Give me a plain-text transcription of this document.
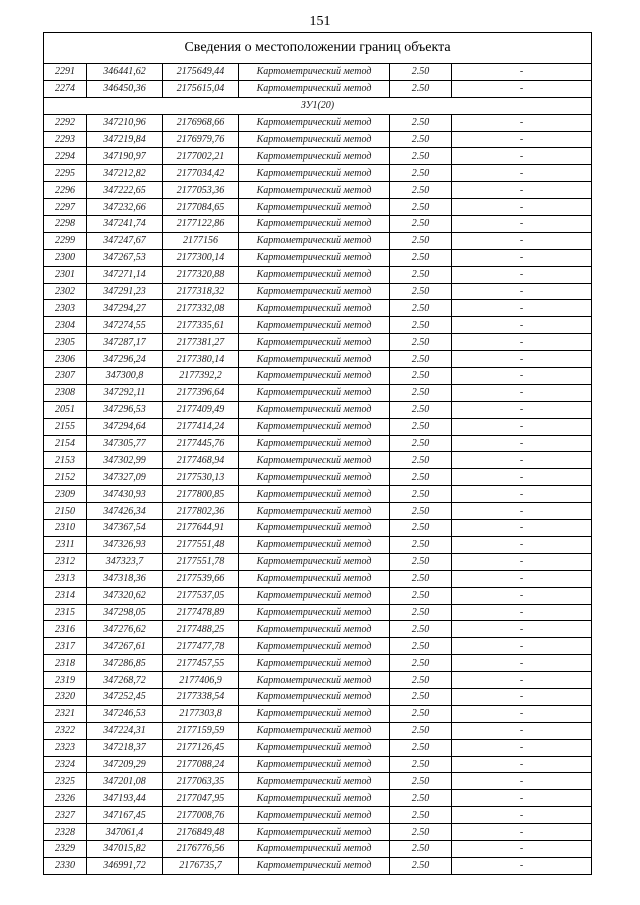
151
Сведения о местоположении границ объекта					
2291	346441,62	2175649,44	Картометрический метод	2.50	-
2274	346450,36	2175615,04	Картометрический метод	2.50	-
ЗУ1(20)					
2292	347210,96	2176968,66	Картометрический метод	2.50	-
2293	347219,84	2176979,76	Картометрический метод	2.50	-
2294	347190,97	2177002,21	Картометрический метод	2.50	-
2295	347212,82	2177034,42	Картометрический метод	2.50	-
2296	347222,65	2177053,36	Картометрический метод	2.50	-
2297	347232,66	2177084,65	Картометрический метод	2.50	-
2298	347241,74	2177122,86	Картометрический метод	2.50	-
2299	347247,67	2177156	Картометрический метод	2.50	-
2300	347267,53	2177300,14	Картометрический метод	2.50	-
2301	347271,14	2177320,88	Картометрический метод	2.50	-
2302	347291,23	2177318,32	Картометрический метод	2.50	-
2303	347294,27	2177332,08	Картометрический метод	2.50	-
2304	347274,55	2177335,61	Картометрический метод	2.50	-
2305	347287,17	2177381,27	Картометрический метод	2.50	-
2306	347296,24	2177380,14	Картометрический метод	2.50	-
2307	347300,8	2177392,2	Картометрический метод	2.50	-
2308	347292,11	2177396,64	Картометрический метод	2.50	-
2051	347296,53	2177409,49	Картометрический метод	2.50	-
2155	347294,64	2177414,24	Картометрический метод	2.50	-
2154	347305,77	2177445,76	Картометрический метод	2.50	-
2153	347302,99	2177468,94	Картометрический метод	2.50	-
2152	347327,09	2177530,13	Картометрический метод	2.50	-
2309	347430,93	2177800,85	Картометрический метод	2.50	-
2150	347426,34	2177802,36	Картометрический метод	2.50	-
2310	347367,54	2177644,91	Картометрический метод	2.50	-
2311	347326,93	2177551,48	Картометрический метод	2.50	-
2312	347323,7	2177551,78	Картометрический метод	2.50	-
2313	347318,36	2177539,66	Картометрический метод	2.50	-
2314	347320,62	2177537,05	Картометрический метод	2.50	-
2315	347298,05	2177478,89	Картометрический метод	2.50	-
2316	347276,62	2177488,25	Картометрический метод	2.50	-
2317	347267,61	2177477,78	Картометрический метод	2.50	-
2318	347286,85	2177457,55	Картометрический метод	2.50	-
2319	347268,72	2177406,9	Картометрический метод	2.50	-
2320	347252,45	2177338,54	Картометрический метод	2.50	-
2321	347246,53	2177303,8	Картометрический метод	2.50	-
2322	347224,31	2177159,59	Картометрический метод	2.50	-
2323	347218,37	2177126,45	Картометрический метод	2.50	-
2324	347209,29	2177088,24	Картометрический метод	2.50	-
2325	347201,08	2177063,35	Картометрический метод	2.50	-
2326	347193,44	2177047,95	Картометрический метод	2.50	-
2327	347167,45	2177008,76	Картометрический метод	2.50	-
2328	347061,4	2176849,48	Картометрический метод	2.50	-
2329	347015,82	2176776,56	Картометрический метод	2.50	-
2330	346991,72	2176735,7	Картометрический метод	2.50	-
